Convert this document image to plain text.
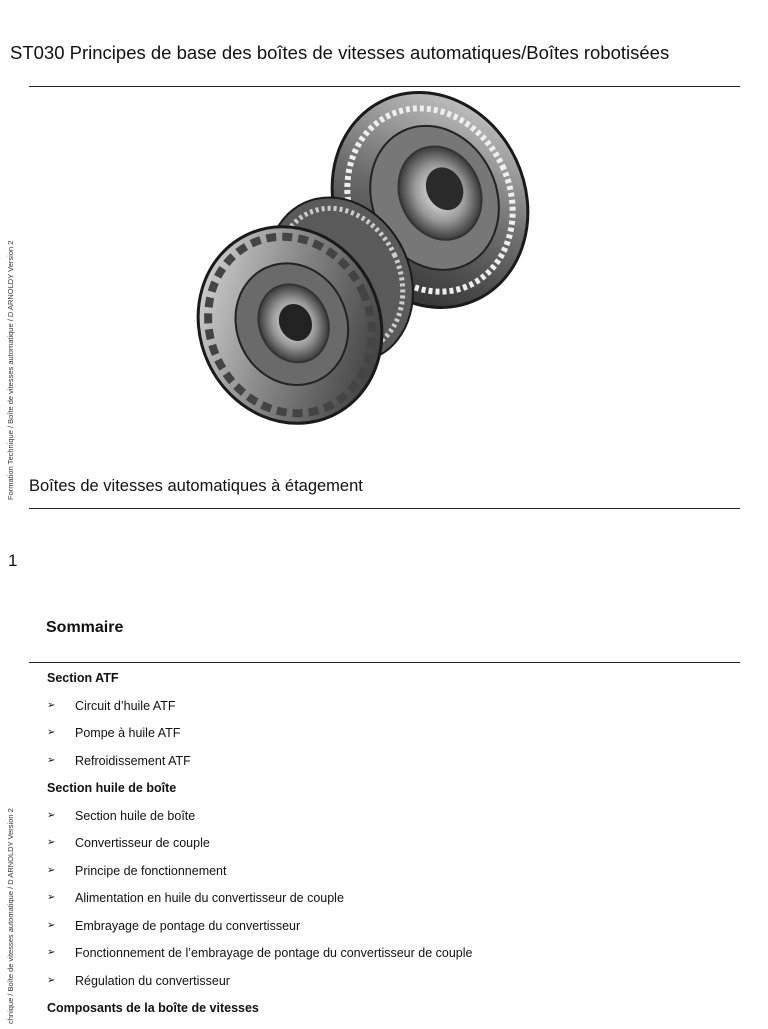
ST030 Principes de base des boîtes de vitesses automatiques/Boîtes robotisées
Formation Technique / Boîte de vitesses automatique / D ARNOLDY Version 2 Boîtes de vitesses automatiques à étagement
1
Sommaire
chnique / Boîte de vitesses automatique / D ARNOLDY Version 2
Section ATF
➢ Circuit d’huile ATF
➢ Pompe à huile ATF
➢ Refroidissement ATF
Section huile de boîte
➢ Section huile de boîte
➢ Convertisseur de couple
➢ Principe de fonctionnement
➢ Alimentation en huile du convertisseur de couple
➢ Embrayage de pontage du convertisseur
➢ Fonctionnement de l’embrayage de pontage du convertisseur de couple
➢ Régulation du convertisseur
Composants de la boîte de vitesses
